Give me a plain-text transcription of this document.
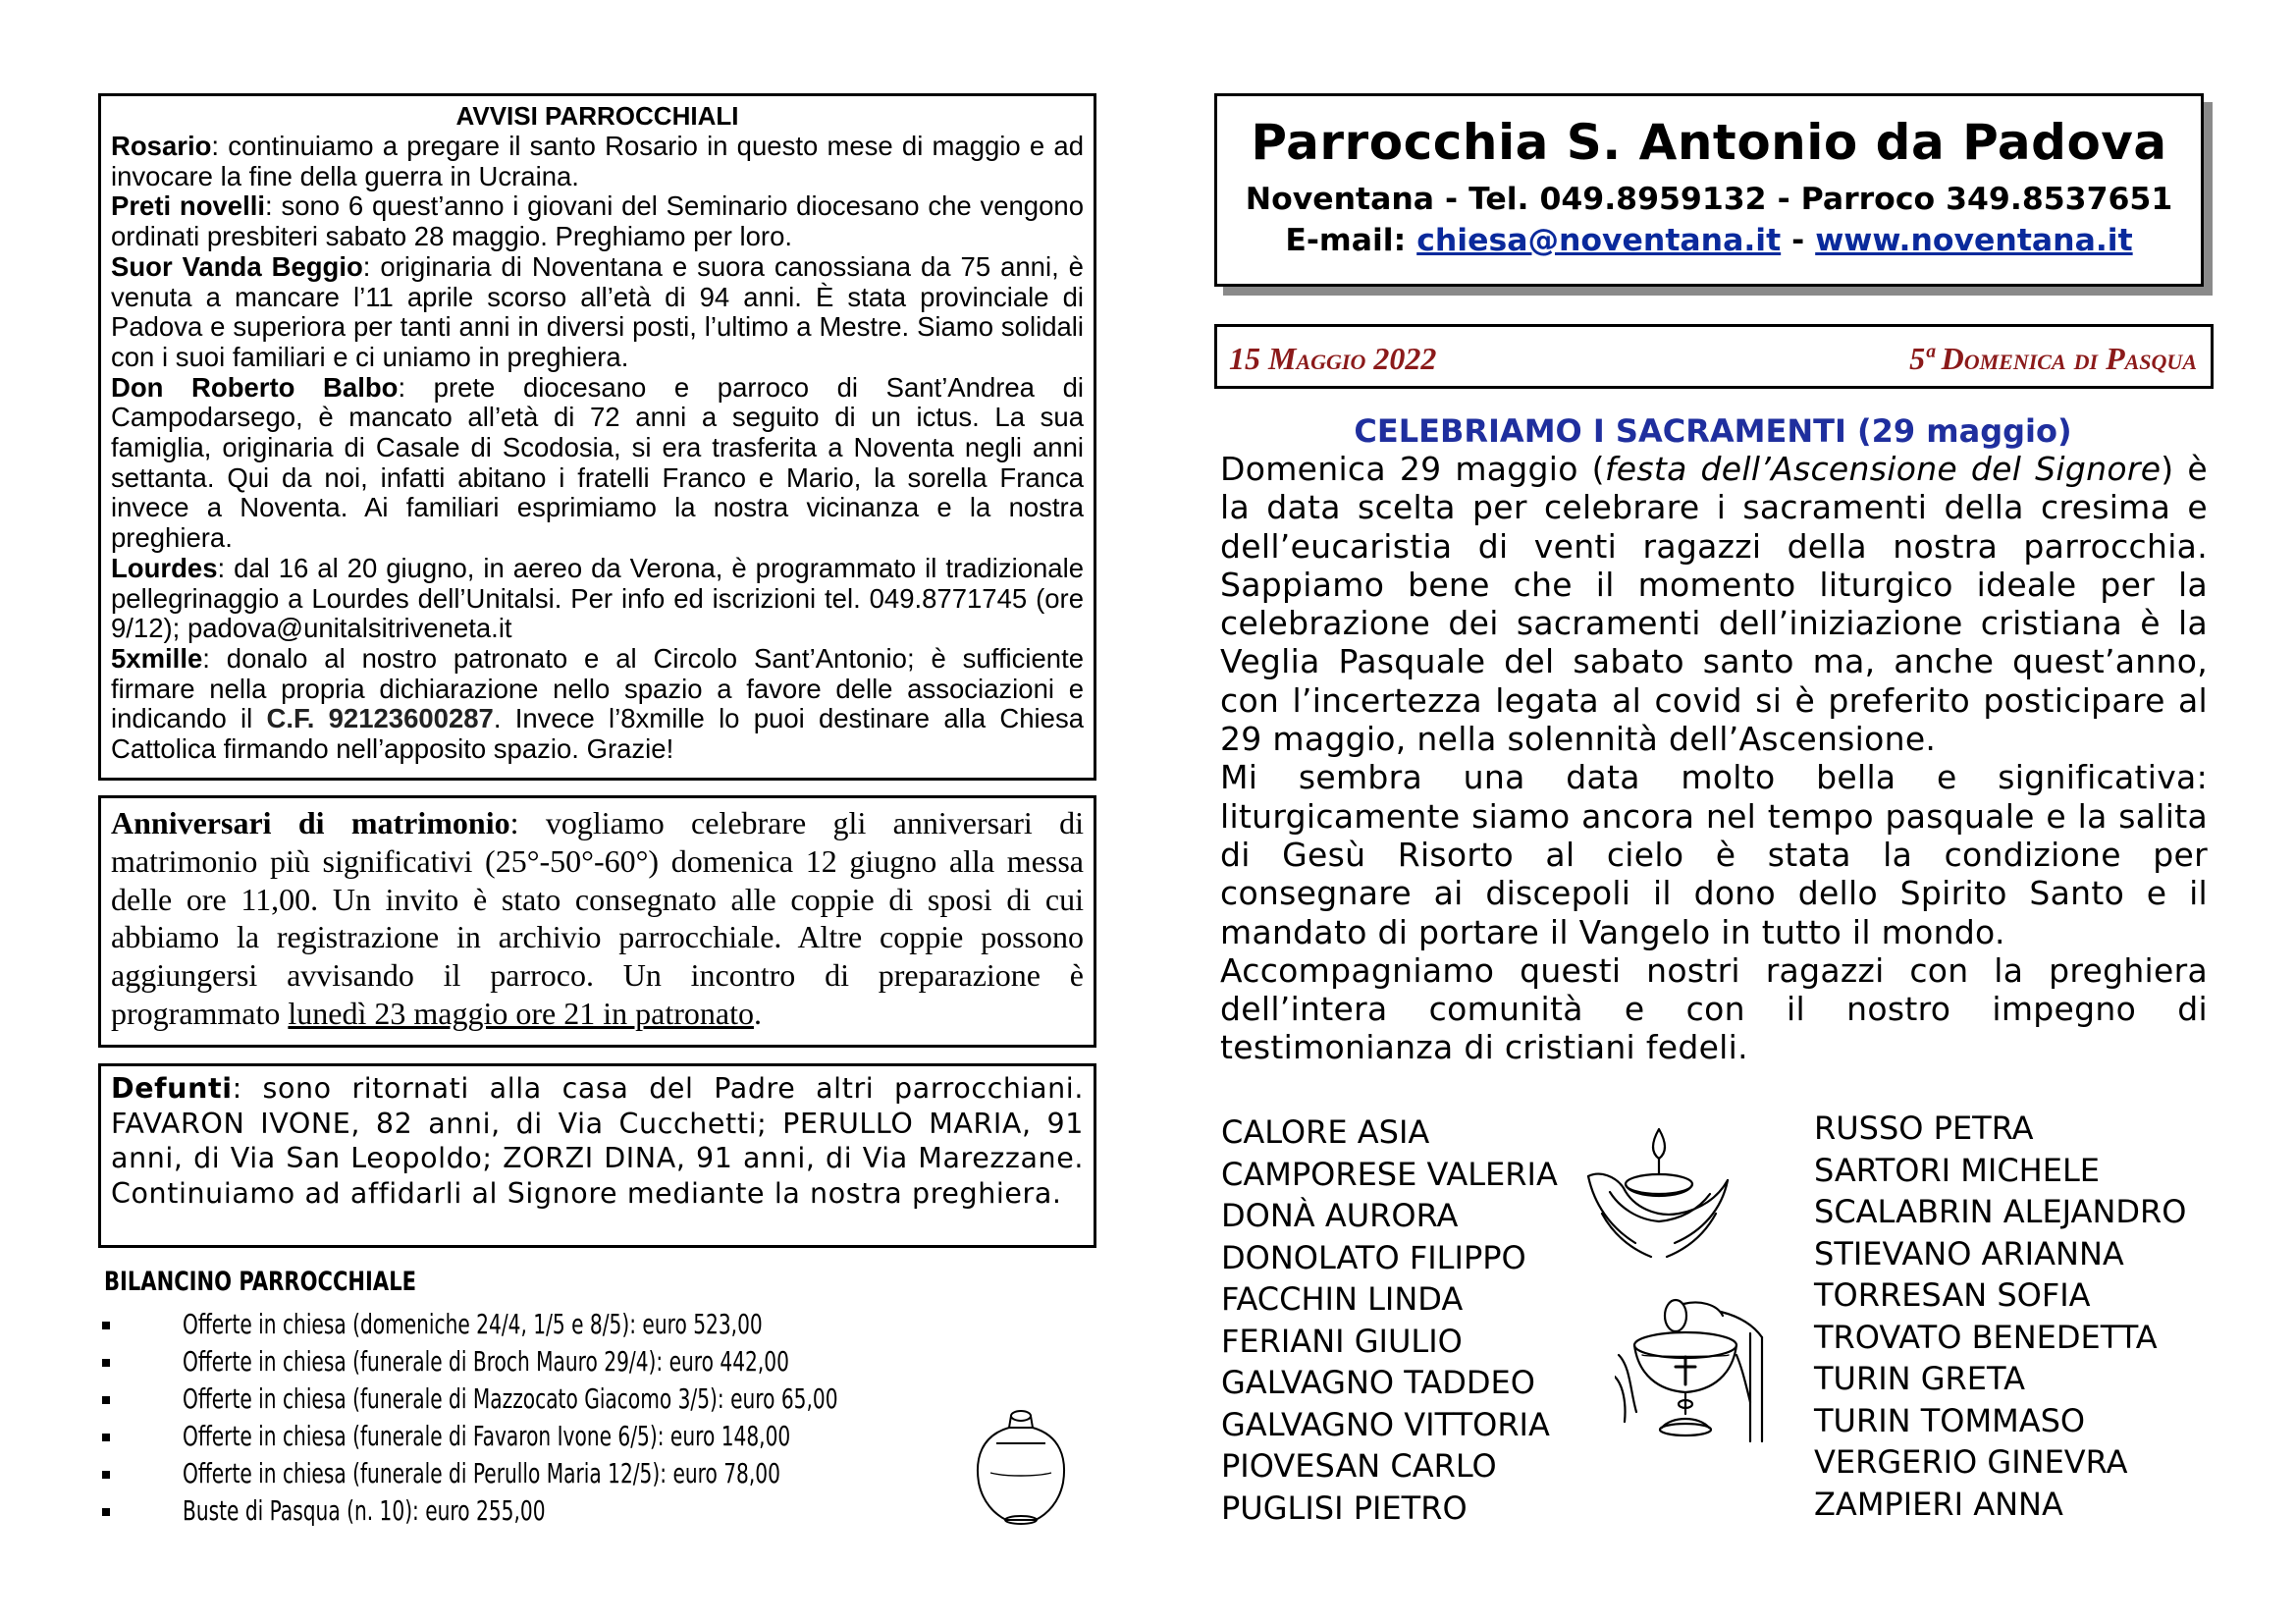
AVVISI PARROCCHIALI

Rosario: continuiamo a pregare il santo Rosario in questo mese di maggio e ad invocare la fine della guerra in Ucraina.

Preti novelli: sono 6 quest’anno i giovani del Seminario diocesano che vengono ordinati presbiteri sabato 28 maggio. Preghiamo per loro.

Suor Vanda Beggio: originaria di Noventana e suora canossiana da 75 anni, è venuta a mancare l’11 aprile scorso all’età di 94 anni. È stata provinciale di Padova e superiora per tanti anni in diversi posti, l’ultimo a Mestre. Siamo solidali con i suoi familiari e ci uniamo in preghiera.

Don Roberto Balbo: prete diocesano e parroco di Sant’Andrea di Campodarsego, è mancato all’età di 72 anni a seguito di un ictus. La sua famiglia, originaria di Casale di Scodosia, si era trasferita a Noventa negli anni settanta. Qui da noi, infatti abitano i fratelli Franco e Mario, la sorella Franca invece a Noventa. Ai familiari esprimiamo la nostra vicinanza e la nostra preghiera.

Lourdes: dal 16 al 20 giugno, in aereo da Verona, è programmato il tradizionale pellegrinaggio a Lourdes dell’Unitalsi. Per info ed iscrizioni tel. 049.8771745 (ore 9/12); padova@unitalsitriveneta.it

5xmille: donalo al nostro patronato e al Circolo Sant’Antonio; è sufficiente firmare nella propria dichiarazione nello spazio a favore delle associazioni e indicando il C.F. 92123600287. Invece l’8xmille lo puoi destinare alla Chiesa Cattolica firmando nell’apposito spazio. Grazie!

Anniversari di matrimonio: vogliamo celebrare gli anniversari di matrimonio più significativi (25°-50°-60°) domenica 12 giugno alla messa delle ore 11,00. Un invito è stato consegnato alle coppie di sposi di cui abbiamo la registrazione in archivio parrocchiale. Altre coppie possono aggiungersi avvisando il parroco. Un incontro di preparazione è programmato lunedì 23 maggio ore 21 in patronato.

Defunti: sono ritornati alla casa del Padre altri parrocchiani. FAVARON IVONE, 82 anni, di Via Cucchetti; PERULLO MARIA, 91 anni, di Via San Leopoldo; ZORZI DINA, 91 anni, di Via Marezzane. Continuiamo ad affidarli al Signore mediante la nostra preghiera.

BILANCINO PARROCCHIALE
Offerte in chiesa (domeniche 24/4, 1/5 e 8/5): euro 523,00
Offerte in chiesa (funerale di Broch Mauro 29/4): euro 442,00
Offerte in chiesa (funerale di Mazzocato Giacomo 3/5): euro 65,00
Offerte in chiesa (funerale di Favaron Ivone 6/5): euro 148,00
Offerte in chiesa (funerale di Perullo Maria 12/5): euro 78,00
Buste di Pasqua (n. 10): euro 255,00
Parrocchia S. Antonio da Padova
Noventana - Tel. 049.8959132 - Parroco 349.8537651
E-mail: chiesa@noventana.it - www.noventana.it
15 Maggio 2022	5ª Domenica di Pasqua
CELEBRIAMO I SACRAMENTI (29 maggio)

Domenica 29 maggio (festa dell’Ascensione del Signore) è la data scelta per celebrare i sacramenti della cresima e dell’eucaristia di venti ragazzi della nostra parrocchia. Sappiamo bene che il momento liturgico ideale per la celebrazione dei sacramenti dell’iniziazione cristiana è la Veglia Pasquale del sabato santo ma, anche quest’anno, con l’incertezza legata al covid si è preferito posticipare al 29 maggio, nella solennità dell’Ascensione.

Mi sembra una data molto bella e significativa: liturgicamente siamo ancora nel tempo pasquale e la salita di Gesù Risorto al cielo è stata la condizione per consegnare ai discepoli il dono dello Spirito Santo e il mandato di portare il Vangelo in tutto il mondo.

Accompagniamo questi nostri ragazzi con la preghiera dell’intera comunità e con il nostro impegno di testimonianza di cristiani fedeli.

CALORE ASIA
CAMPORESE VALERIA
DONÀ AURORA
DONOLATO FILIPPO
FACCHIN LINDA
FERIANI GIULIO
GALVAGNO TADDEO
GALVAGNO VITTORIA
PIOVESAN CARLO
PUGLISI PIETRO
RUSSO PETRA
SARTORI MICHELE
SCALABRIN ALEJANDRO
STIEVANO ARIANNA
TORRESAN SOFIA
TROVATO BENEDETTA
TURIN GRETA
TURIN TOMMASO
VERGERIO GINEVRA
ZAMPIERI ANNA
